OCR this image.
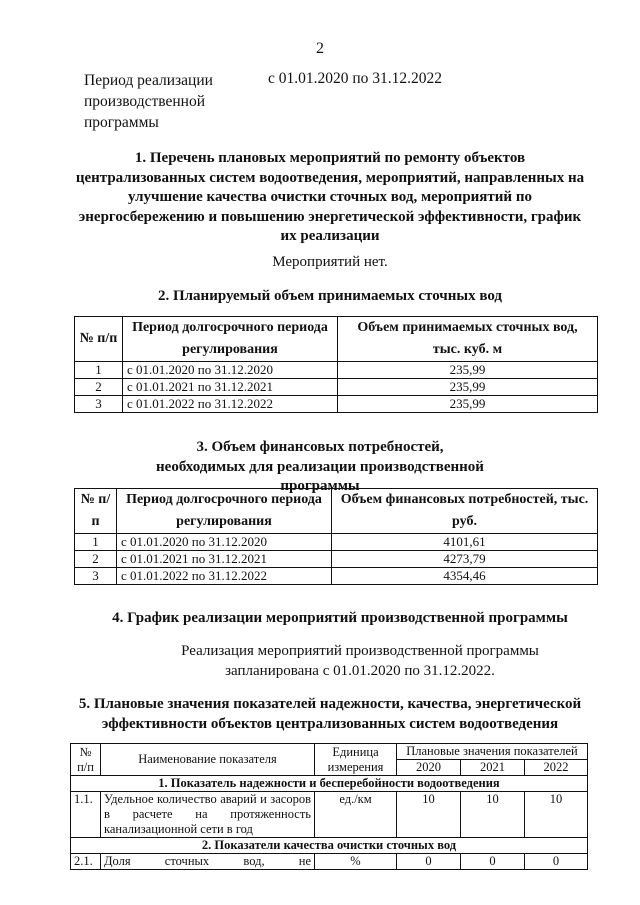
2
Период реализации производственной программы
с 01.01.2020 по 31.12.2022
1. Перечень плановых мероприятий по ремонту объектов централизованных систем водоотведения, мероприятий, направленных на улучшение качества очистки сточных вод, мероприятий по энергосбережению и повышению энергетической эффективности, график их реализации
Мероприятий нет.
2. Планируемый объем принимаемых сточных вод
№ п/п	Период долгосрочного периода регулирования	Объем принимаемых сточных вод, тыс. куб. м
1	с 01.01.2020 по 31.12.2020	235,99
2	с 01.01.2021 по 31.12.2021	235,99
3	с 01.01.2022 по 31.12.2022	235,99
3. Объем финансовых потребностей, необходимых для реализации производственной программы
№ п/п	Период долгосрочного периода регулирования	Объем финансовых потребностей, тыс. руб.
1	с 01.01.2020 по 31.12.2020	4101,61
2	с 01.01.2021 по 31.12.2021	4273,79
3	с 01.01.2022 по 31.12.2022	4354,46
4. График реализации мероприятий производственной программы
Реализация мероприятий производственной программы запланирована с 01.01.2020 по 31.12.2022.
5. Плановые значения показателей надежности, качества, энергетической эффективности объектов централизованных систем водоотведения
№ п/п	Наименование показателя	Единица измерения	Плановые значения показателей		
			2020	2021	2022
1. Показатель надежности и бесперебойности водоотведения					
1.1.	Удельное количество аварий и засоров в расчете на протяженность канализационной сети в год	ед./км	10	10	10
2. Показатели качества очистки сточных вод					
2.1.	Доля сточных вод, не	%	0	0	0
